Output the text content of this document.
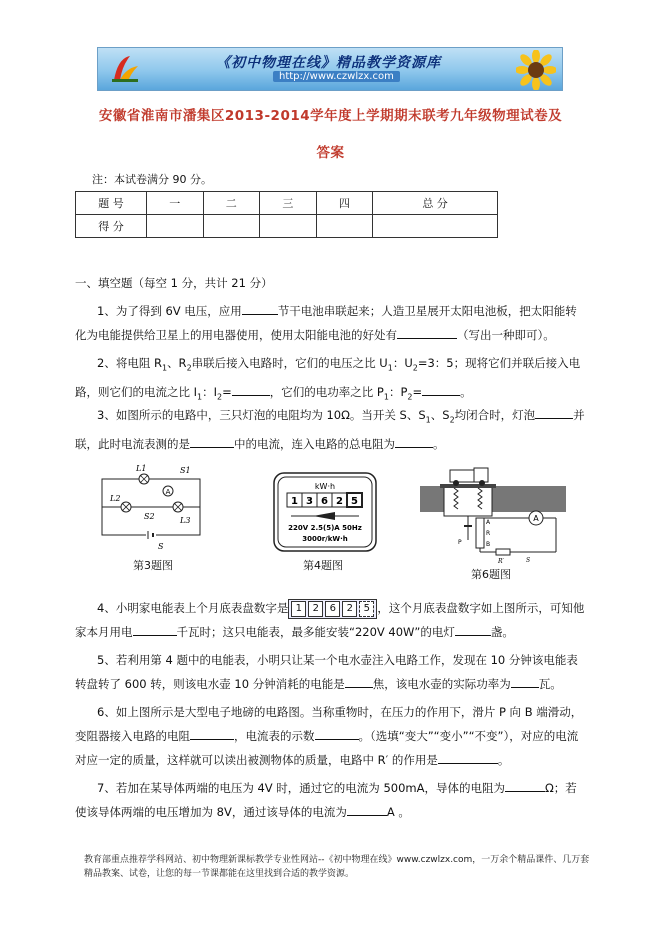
《初中物理在线》精品教学资源库
http://www.czwlzx.com
安徽省淮南市潘集区2013-2014学年度上学期期末联考九年级物理试卷及
答案
注：本试卷满分 90 分。
题 号	一	二	三	四	总 分
得 分					
一、填空题（每空 1 分，共计 21 分）
1、为了得到 6V 电压，应用	节干电池串联起来；人造卫星展开太阳电池板，把太阳能转化为电能提供给卫星上的用电器使用，使用太阳能电池的好处有	（写出一种即可）。
2、将电阻 $R_1$、$R_2$串联后接入电路时，它们的电压之比 $U_1$：$U_2=3$：5；现将它们并联后接入电路，则它们的电流之比 $I_1$：$I_2=$	，它们的电功率之比 $P_1$：$P_2=$	。
3、如图所示的电路中，三只灯泡的电阻均为 10Ω。当开关 S、$S_1$、$S_2$均闭合时，灯泡	并联，此时电流表测的是	中的电流，连入电路的总电阻为	。
A
L1
L2
L3
S1
S2
S
第3题图
kW·h
1 3 6 2 5
220V 2.5(5)A 50Hz
3000r/kW·h
第4题图
A
A
R
B
P
R′	S
第6题图
4、小明家电能表上个月底表盘数字是 1	2	6	2	5 ，这个月底表盘数字如上图所示，可知他家本月用电	千瓦时；这只电能表，最多能安装“220V 40W”的电灯	盏。
5、若利用第 4 题中的电能表，小明只让某一个电水壶注入电路工作，发现在 10 分钟该电能表转盘转了 600 转，则该电水壶 10 分钟消耗的电能是 焦，该电水壶的实际功率为 瓦。
6、如上图所示是大型电子地磅的电路图。当称重物时，在压力的作用下，滑片 P 向 B 端滑动，变阻器接入电路的电阻	，电流表的示数	。（选填“变大”“变小”“不变”），对应的电流对应一定的质量，这样就可以读出被测物体的质量，电路中 R′ 的作用是	。
7、若加在某导体两端的电压为 4V 时，通过它的电流为 500mA，导体的电阻为	Ω；若使该导体两端的电压增加为 8V，通过该导体的电流为	A 。
教育部重点推荐学科网站、初中物理新课标教学专业性网站--《初中物理在线》www.czwlzx.com，一万余个精品课件、几万套精品教案、试卷，让您的每一节课都能在这里找到合适的教学资源。
